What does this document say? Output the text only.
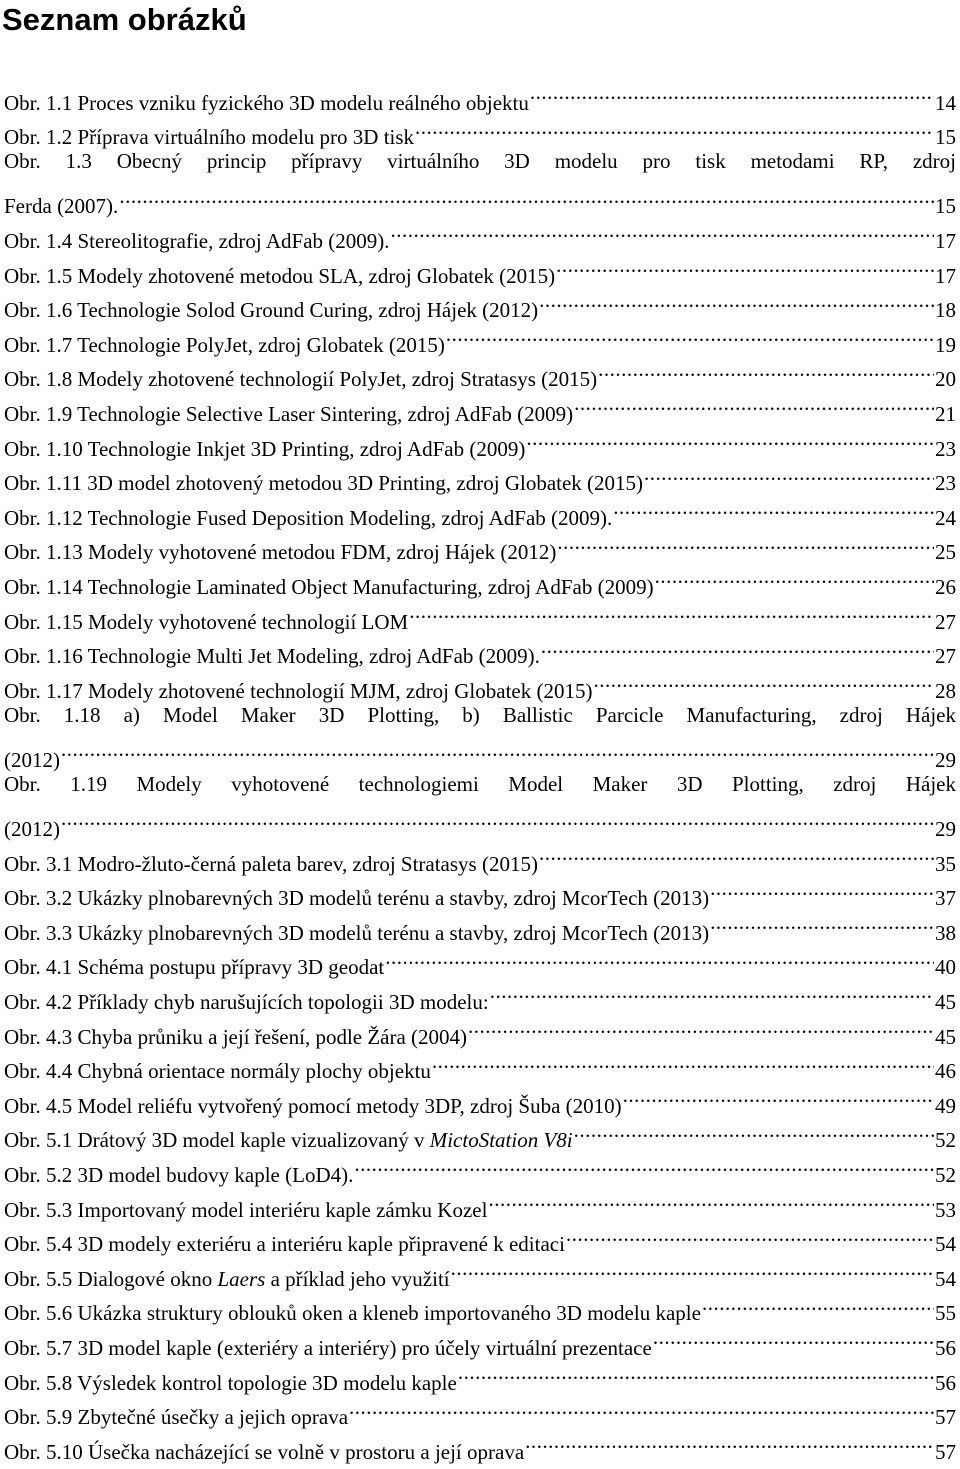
Seznam obrázků
Obr. 1.1 Proces vzniku fyzického 3D modelu reálného objektu .....	14
Obr. 1.2 Příprava virtuálního modelu pro 3D tisk .....	15
Obr. 1.3 Obecný princip přípravy virtuálního 3D modelu pro tisk metodami RP, zdroj
Ferda (2007). .....	15
Obr. 1.4 Stereolitografie, zdroj AdFab (2009). .....	17
Obr. 1.5 Modely zhotovené metodou SLA, zdroj Globatek (2015) .....	17
Obr. 1.6 Technologie Solod Ground Curing, zdroj Hájek (2012) .....	18
Obr. 1.7 Technologie PolyJet, zdroj Globatek (2015) .....	19
Obr. 1.8 Modely zhotovené technologií PolyJet, zdroj Stratasys (2015) .....	20
Obr. 1.9 Technologie Selective Laser Sintering, zdroj AdFab (2009) .....	21
Obr. 1.10 Technologie Inkjet 3D Printing, zdroj AdFab (2009) .....	23
Obr. 1.11 3D model zhotovený metodou 3D Printing, zdroj Globatek (2015) .....	23
Obr. 1.12 Technologie Fused Deposition Modeling, zdroj AdFab (2009). .....	24
Obr. 1.13 Modely vyhotovené metodou FDM, zdroj Hájek (2012) .....	25
Obr. 1.14 Technologie Laminated Object Manufacturing, zdroj AdFab (2009) .....	26
Obr. 1.15 Modely vyhotovené technologií LOM .....	27
Obr. 1.16 Technologie Multi Jet Modeling, zdroj AdFab (2009). .....	27
Obr. 1.17 Modely zhotovené technologií MJM, zdroj Globatek (2015) .....	28
Obr. 1.18 a) Model Maker 3D Plotting, b) Ballistic Parcicle Manufacturing, zdroj Hájek
(2012) .....	29
Obr. 1.19 Modely vyhotovené technologiemi Model Maker 3D Plotting, zdroj Hájek
(2012) .....	29
Obr. 3.1 Modro-žluto-černá paleta barev, zdroj Stratasys (2015) .....	35
Obr. 3.2 Ukázky plnobarevných 3D modelů terénu a stavby, zdroj McorTech (2013) .....	37
Obr. 3.3 Ukázky plnobarevných 3D modelů terénu a stavby, zdroj McorTech (2013) .....	38
Obr. 4.1 Schéma postupu přípravy 3D geodat .....	40
Obr. 4.2 Příklady chyb narušujících topologii 3D modelu: .....	45
Obr. 4.3 Chyba průniku a její řešení, podle Žára (2004) .....	45
Obr. 4.4 Chybná orientace normály plochy objektu .....	46
Obr. 4.5 Model reliéfu vytvořený pomocí metody 3DP, zdroj Šuba (2010) .....	49
Obr. 5.1 Drátový 3D model kaple vizualizovaný v MictoStation V8i .....	52
Obr. 5.2 3D model budovy kaple (LoD4). .....	52
Obr. 5.3 Importovaný model interiéru kaple zámku Kozel .....	53
Obr. 5.4 3D modely exteriéru a interiéru kaple připravené k editaci .....	54
Obr. 5.5 Dialogové okno Laers a příklad jeho využití .....	54
Obr. 5.6 Ukázka struktury oblouků oken a kleneb importovaného 3D modelu kaple .....	55
Obr. 5.7 3D model kaple (exteriéry a interiéry) pro účely virtuální prezentace .....	56
Obr. 5.8 Výsledek kontrol topologie 3D modelu kaple .....	56
Obr. 5.9 Zbytečné úsečky a jejich oprava .....	57
Obr. 5.10 Úsečka nacházející se volně v prostoru a její oprava .....	57
